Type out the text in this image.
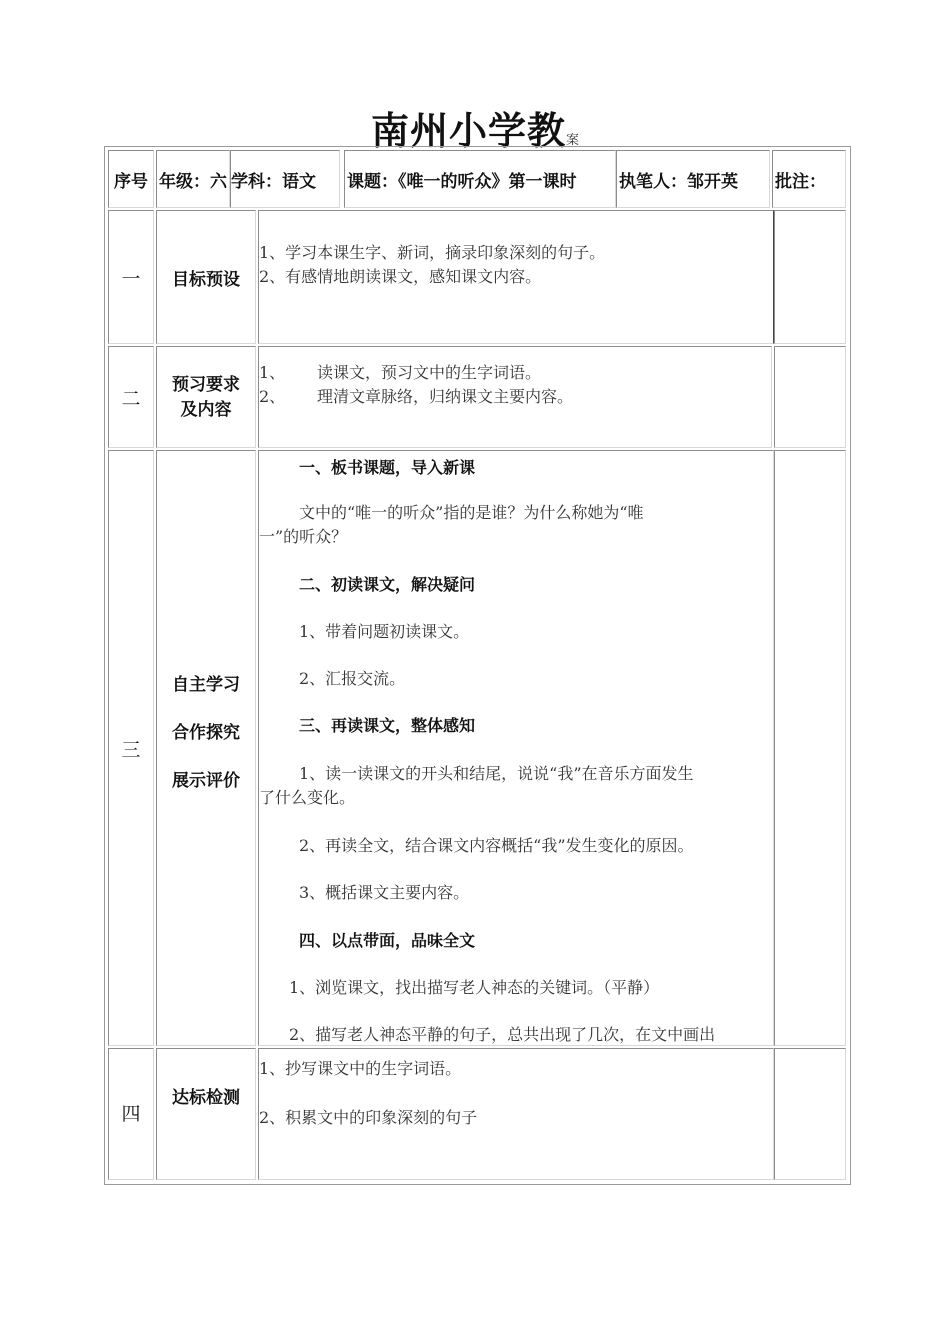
南州小学教案
序号 年级：六 学科：语文 课题：《唯一的听众》第一课时	执笔人：邹开英 批注：
一 目标预设

1、学习本课生字、新词，摘录印象深刻的句子。

2、有感情地朗读课文，感知课文内容。

二
预习要求
及内容

1、 读课文，预习文中的生字词语。

2、 理清文章脉络，归纳课文主要内容。

三
自主学习
合作探究
展示评价

一、板书课题，导入新课

文中的“唯一的听众”指的是谁？为什么称她为“唯

一”的听众？

二、初读课文，解决疑问

1、带着问题初读课文。

2、汇报交流。

三、再读课文，整体感知

1、读一读课文的开头和结尾，说说“我”在音乐方面发生

了什么变化。

2、再读全文，结合课文内容概括“我”发生变化的原因。

3、概括课文主要内容。

四、以点带面，品味全文

1、浏览课文，找出描写老人神态的关键词。（平静）

2、描写老人神态平静的句子，总共出现了几次，在文中画出

四
达标检测

1、抄写课文中的生字词语。

2、积累文中的印象深刻的句子
